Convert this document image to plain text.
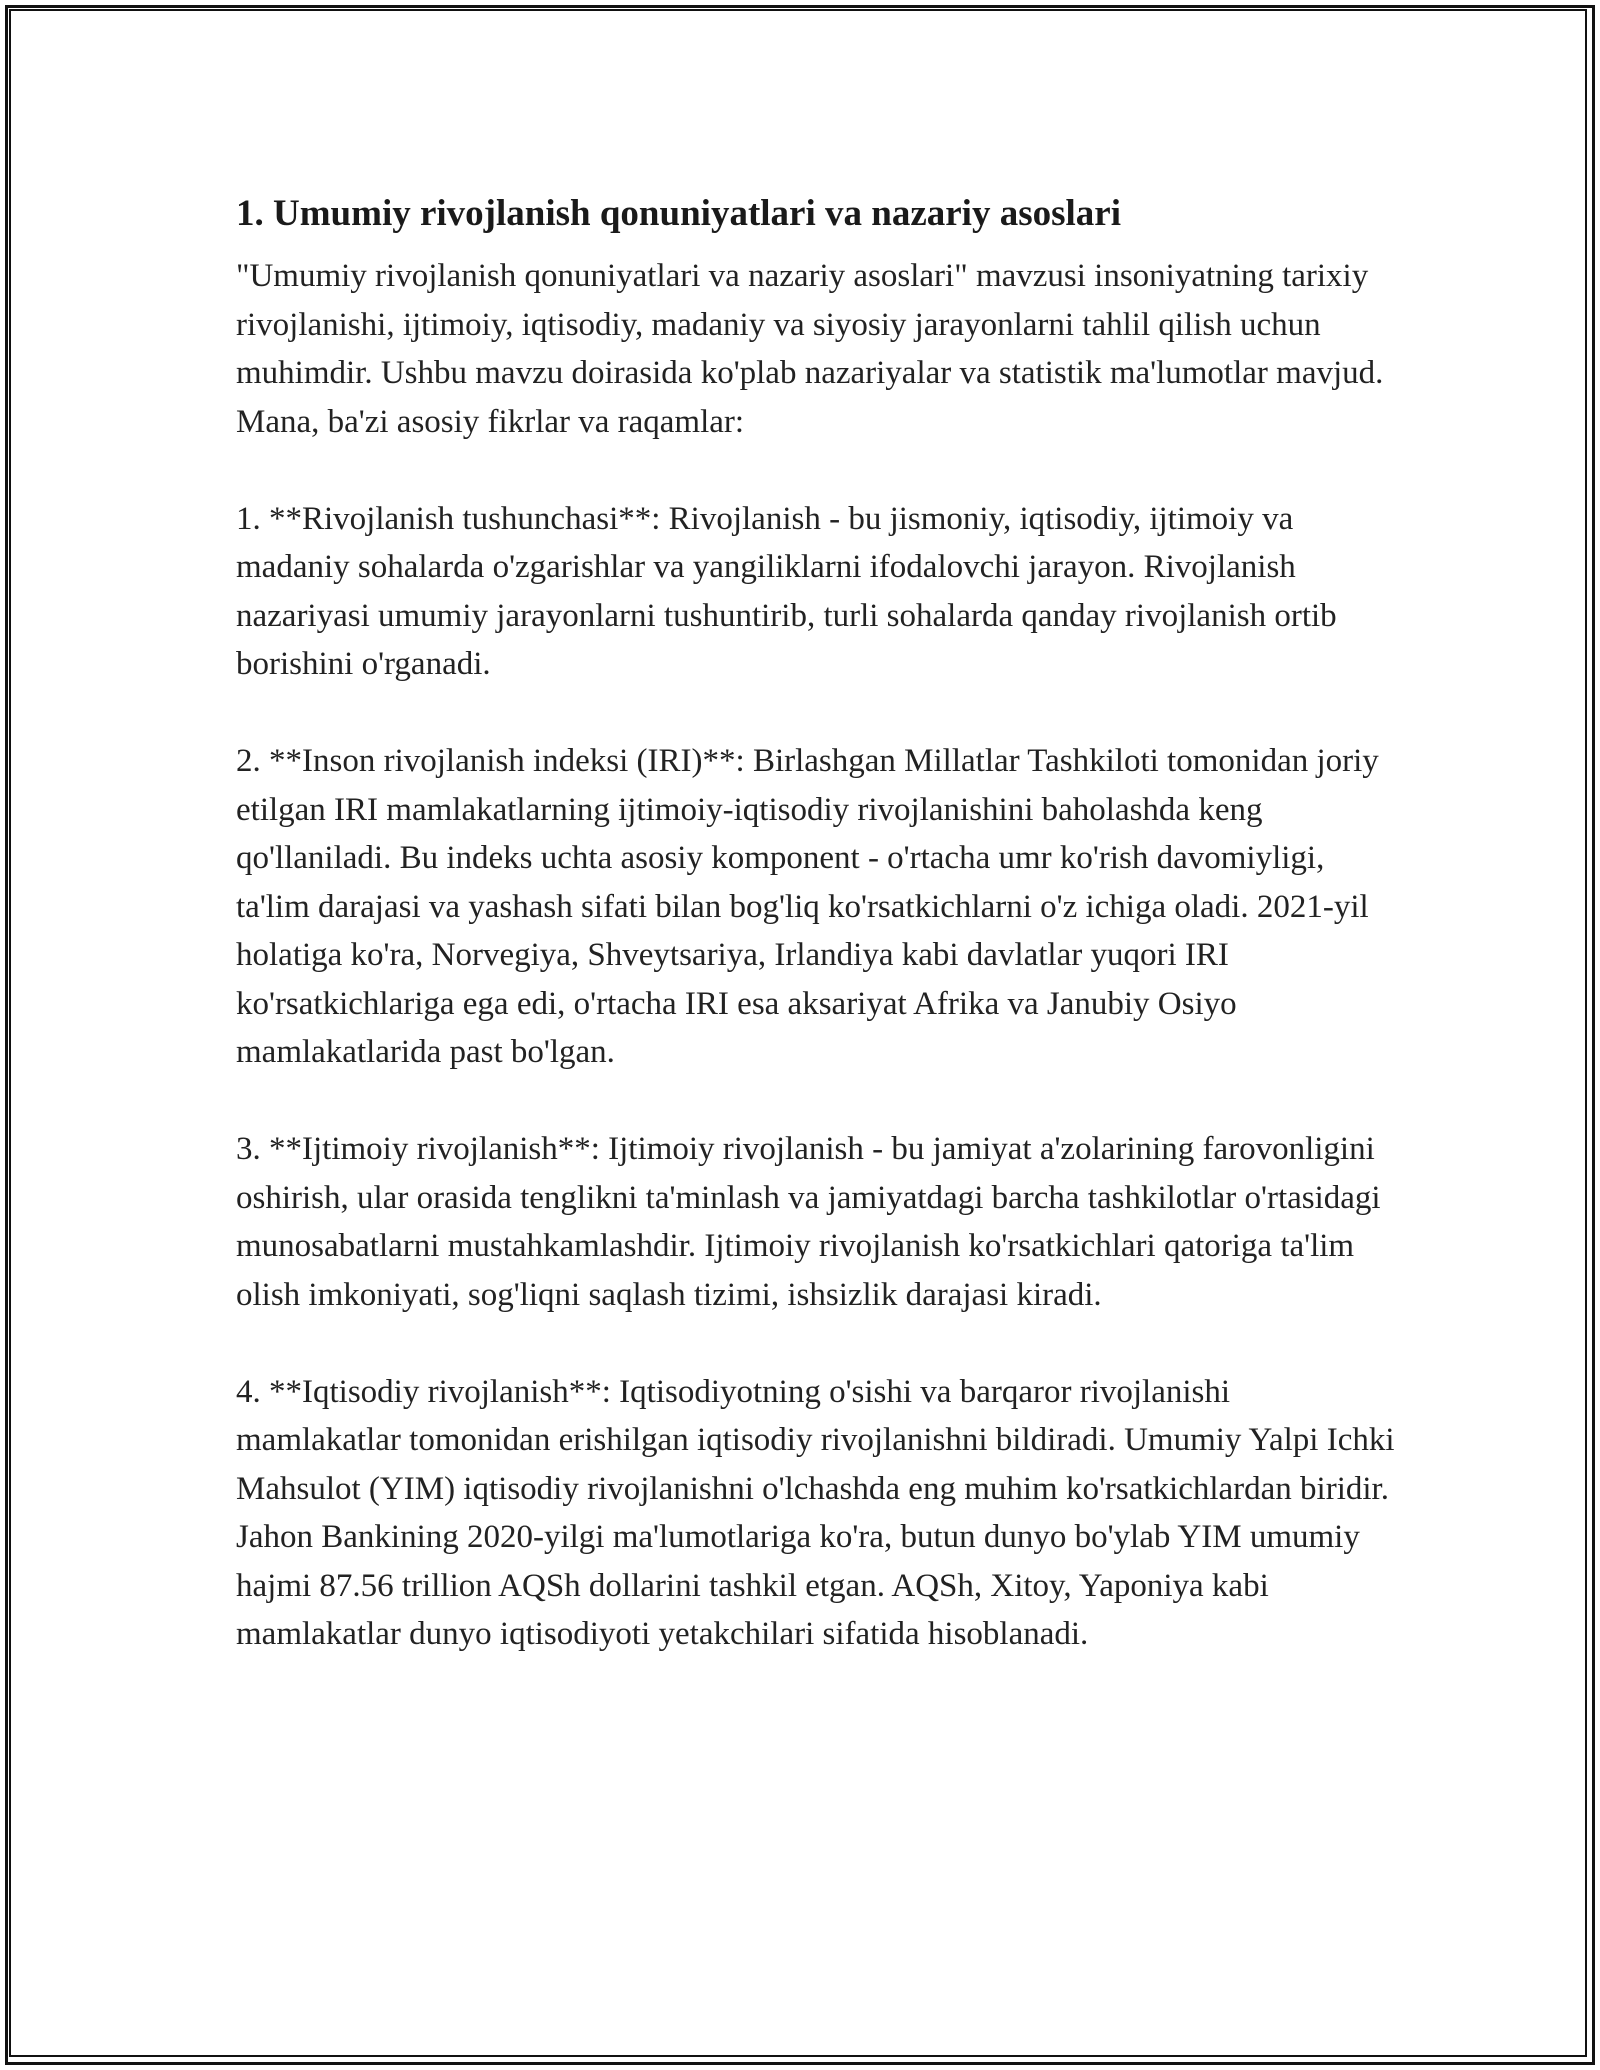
1. Umumiy rivojlanish qonuniyatlari va nazariy asoslari

"Umumiy rivojlanish qonuniyatlari va nazariy asoslari" mavzusi insoniyatning tarixiy rivojlanishi, ijtimoiy, iqtisodiy, madaniy va siyosiy jarayonlarni tahlil qilish uchun muhimdir. Ushbu mavzu doirasida ko'plab nazariyalar va statistik ma'lumotlar mavjud. Mana, ba'zi asosiy fikrlar va raqamlar:

1. **Rivojlanish tushunchasi**: Rivojlanish - bu jismoniy, iqtisodiy, ijtimoiy va madaniy sohalarda o'zgarishlar va yangiliklarni ifodalovchi jarayon. Rivojlanish nazariyasi umumiy jarayonlarni tushuntirib, turli sohalarda qanday rivojlanish ortib borishini o'rganadi.

2. **Inson rivojlanish indeksi (IRI)**: Birlashgan Millatlar Tashkiloti tomonidan joriy etilgan IRI mamlakatlarning ijtimoiy-iqtisodiy rivojlanishini baholashda keng qo'llaniladi. Bu indeks uchta asosiy komponent - o'rtacha umr ko'rish davomiyligi, ta'lim darajasi va yashash sifati bilan bog'liq ko'rsatkichlarni o'z ichiga oladi. 2021-yil holatiga ko'ra, Norvegiya, Shveytsariya, Irlandiya kabi davlatlar yuqori IRI ko'rsatkichlariga ega edi, o'rtacha IRI esa aksariyat Afrika va Janubiy Osiyo mamlakatlarida past bo'lgan.

3. **Ijtimoiy rivojlanish**: Ijtimoiy rivojlanish - bu jamiyat a'zolarining farovonligini oshirish, ular orasida tenglikni ta'minlash va jamiyatdagi barcha tashkilotlar o'rtasidagi munosabatlarni mustahkamlashdir. Ijtimoiy rivojlanish ko'rsatkichlari qatoriga ta'lim olish imkoniyati, sog'liqni saqlash tizimi, ishsizlik darajasi kiradi.

4. **Iqtisodiy rivojlanish**: Iqtisodiyotning o'sishi va barqaror rivojlanishi mamlakatlar tomonidan erishilgan iqtisodiy rivojlanishni bildiradi. Umumiy Yalpi Ichki Mahsulot (YIM) iqtisodiy rivojlanishni o'lchashda eng muhim ko'rsatkichlardan biridir. Jahon Bankining 2020-yilgi ma'lumotlariga ko'ra, butun dunyo bo'ylab YIM umumiy hajmi 87.56 trillion AQSh dollarini tashkil etgan. AQSh, Xitoy, Yaponiya kabi mamlakatlar dunyo iqtisodiyoti yetakchilari sifatida hisoblanadi.
